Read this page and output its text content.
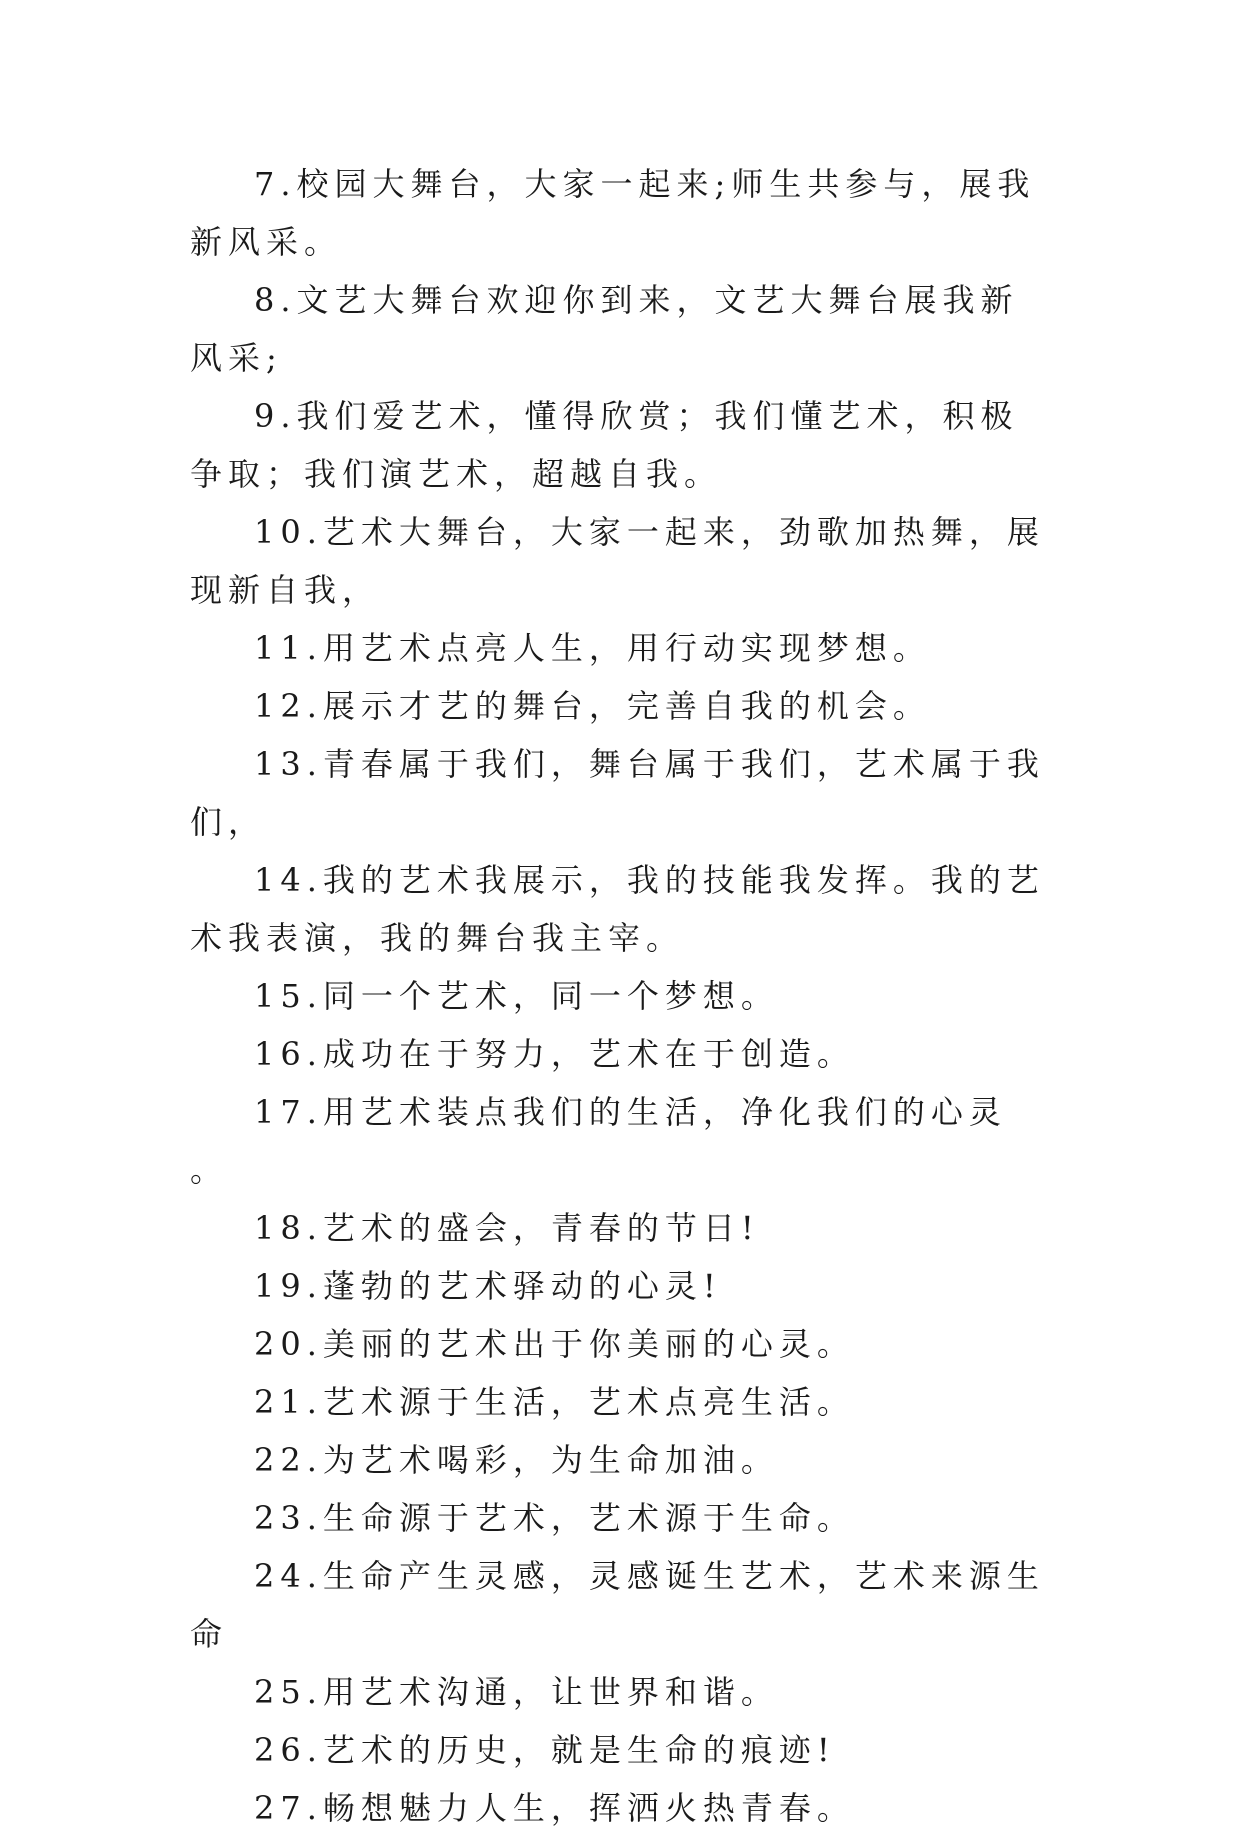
7.校园大舞台，大家一起来;师生共参与，展我新风采。

8.文艺大舞台欢迎你到来，文艺大舞台展我新风采;

9.我们爱艺术，懂得欣赏；我们懂艺术，积极争取；我们演艺术，超越自我。

10.艺术大舞台，大家一起来，劲歌加热舞，展现新自我，

11.用艺术点亮人生，用行动实现梦想。

12.展示才艺的舞台，完善自我的机会。

13.青春属于我们，舞台属于我们，艺术属于我们，

14.我的艺术我展示，我的技能我发挥。我的艺术我表演，我的舞台我主宰。

15.同一个艺术，同一个梦想。

16.成功在于努力，艺术在于创造。

17.用艺术装点我们的生活，净化我们的心灵 。

18.艺术的盛会，青春的节日!

19.蓬勃的艺术驿动的心灵!

20.美丽的艺术出于你美丽的心灵。

21.艺术源于生活，艺术点亮生活。

22.为艺术喝彩，为生命加油。

23.生命源于艺术，艺术源于生命。

24.生命产生灵感，灵感诞生艺术，艺术来源生命

25.用艺术沟通，让世界和谐。

26.艺术的历史，就是生命的痕迹!

27.畅想魅力人生，挥洒火热青春。
